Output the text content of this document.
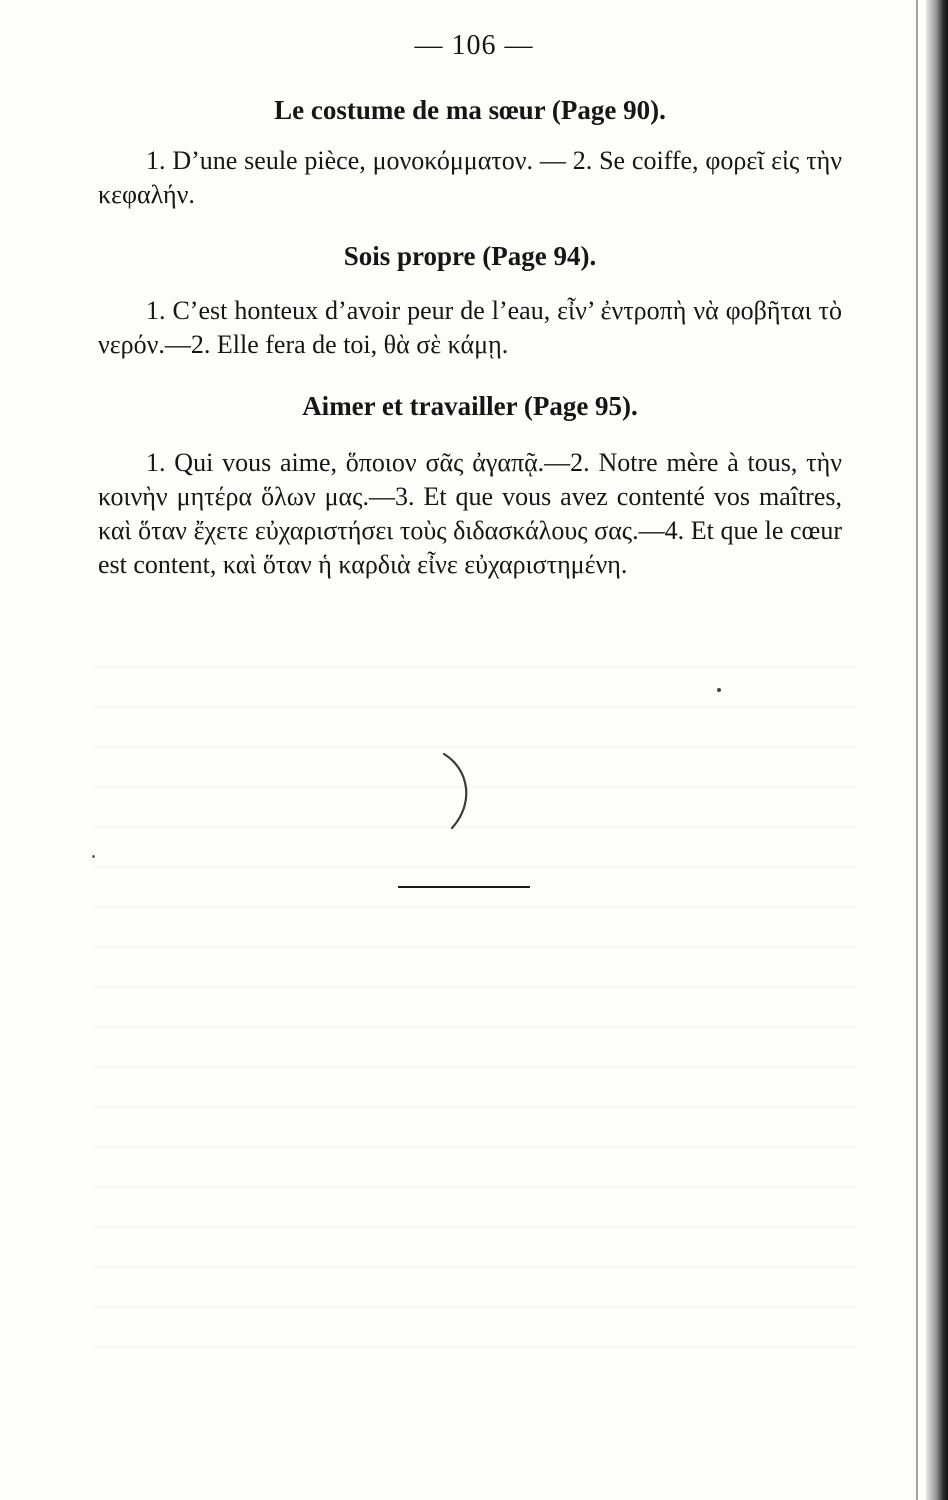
— 106 —
Le costume de ma sœur (Page 90).

1. D’une seule pièce, μονοκόμματον. — 2. Se coiffe, φορεῖ εἰς τὴν κεφαλήν.

Sois propre (Page 94).

1. C’est honteux d’avoir peur de l’eau, εἶν’ ἐντροπὴ νὰ φοβῆται τὸ νερόν.—2. Elle fera de toi, θὰ σὲ κάμῃ.

Aimer et travailler (Page 95).

1. Qui vous aime, ὅποιον σᾶς ἀγαπᾷ.—2. Notre mère à tous, τὴν κοινὴν μητέρα ὅλων μας.—3. Et que vous avez contenté vos maîtres, καὶ ὅταν ἔχετε εὐχαριστήσει τοὺς διδασκάλους σας.—4. Et que le cœur est content, καὶ ὅταν ἡ καρδιὰ εἶνε εὐχαριστημένη.
